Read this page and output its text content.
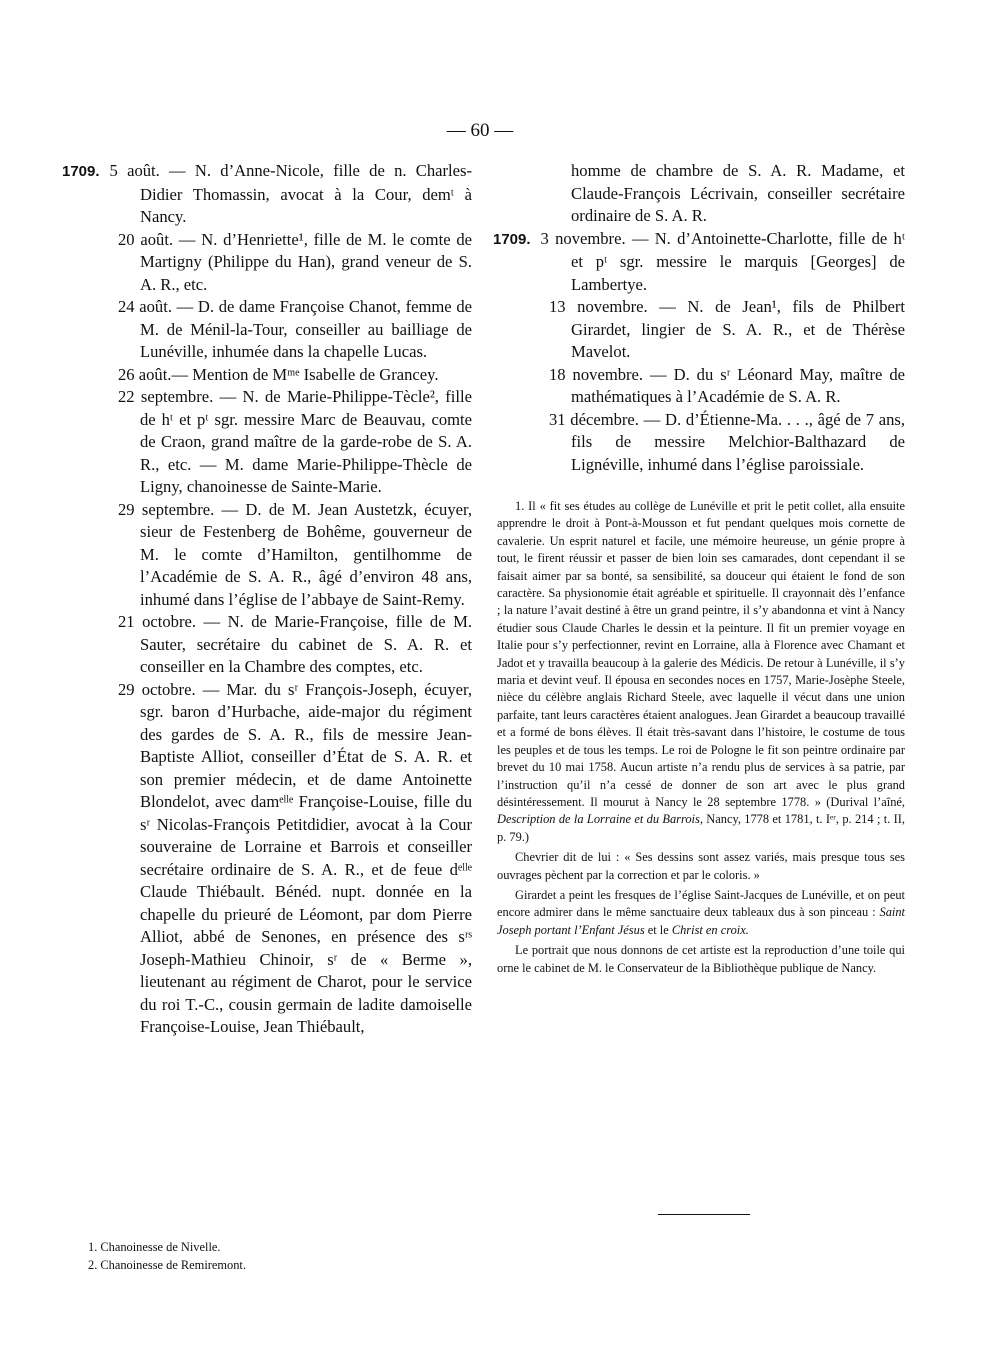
— 60 —
1709. 5 août. — N. d’Anne-Nicole, fille de n. Charles-Didier Thomassin, avocat à la Cour, demᵗ à Nancy.
20 août. — N. d’Henriette¹, fille de M. le comte de Martigny (Philippe du Han), grand veneur de S. A. R., etc.
24 août. — D. de dame Françoise Chanot, femme de M. de Ménil-la-Tour, conseiller au bailliage de Lunéville, inhumée dans la chapelle Lucas.
26 août.— Mention de Mᵐᵉ Isabelle de Grancey.
22 septembre. — N. de Marie-Philippe-Tècle², fille de hᵗ et pᵗ sgr. messire Marc de Beauvau, comte de Craon, grand maître de la garde-robe de S. A. R., etc. — M. dame Marie-Philippe-Thècle de Ligny, chanoinesse de Sainte-Marie.
29 septembre. — D. de M. Jean Austetzk, écuyer, sieur de Festenberg de Bohême, gouverneur de M. le comte d’Hamilton, gentilhomme de l’Académie de S. A. R., âgé d’environ 48 ans, inhumé dans l’église de l’abbaye de Saint-Remy.
21 octobre. — N. de Marie-Françoise, fille de M. Sauter, secrétaire du cabinet de S. A. R. et conseiller en la Chambre des comptes, etc.
29 octobre. — Mar. du sʳ François-Joseph, écuyer, sgr. baron d’Hurbache, aide-major du régiment des gardes de S. A. R., fils de messire Jean-Baptiste Alliot, conseiller d’État de S. A. R. et son premier médecin, et de dame Antoinette Blondelot, avec damᵉˡˡᵉ Françoise-Louise, fille du sʳ Nicolas-François Petitdidier, avocat à la Cour souveraine de Lorraine et Barrois et conseiller secrétaire ordinaire de S. A. R., et de feue dᵉˡˡᵉ Claude Thiébault. Bénéd. nupt. donnée en la chapelle du prieuré de Léomont, par dom Pierre Alliot, abbé de Senones, en présence des sʳˢ Joseph-Mathieu Chinoir, sʳ de « Berme », lieutenant au régiment de Charot, pour le service du roi T.-C., cousin germain de ladite damoiselle Françoise-Louise, Jean Thiébault,
homme de chambre de S. A. R. Madame, et Claude-François Lécrivain, conseiller secrétaire ordinaire de S. A. R.
1709. 3 novembre. — N. d’Antoinette-Charlotte, fille de hᵗ et pᵗ sgr. messire le marquis [Georges] de Lambertye.
13 novembre. — N. de Jean¹, fils de Philbert Girardet, lingier de S. A. R., et de Thérèse Mavelot.
18 novembre. — D. du sʳ Léonard May, maître de mathématiques à l’Académie de S. A. R.
31 décembre. — D. d’Étienne-Ma. . . ., âgé de 7 ans, fils de messire Melchior-Balthazard de Lignéville, inhumé dans l’église paroissiale.

1. Il « fit ses études au collège de Lunéville et prit le petit collet, alla ensuite apprendre le droit à Pont-à-Mousson et fut pendant quelques mois cornette de cavalerie. Un esprit naturel et facile, une mémoire heureuse, un génie propre à tout, le firent réussir et passer de bien loin ses camarades, dont cependant il se faisait aimer par sa bonté, sa sensibilité, sa douceur qui étaient le fond de son caractère. Sa physionomie était agréable et spirituelle. Il crayonnait dès l’enfance ; la nature l’avait destiné à être un grand peintre, il s’y abandonna et vint à Nancy étudier sous Claude Charles le dessin et la peinture. Il fit un premier voyage en Italie pour s’y perfectionner, revint en Lorraine, alla à Florence avec Chamant et Jadot et y travailla beaucoup à la galerie des Médicis. De retour à Lunéville, il s’y maria et devint veuf. Il épousa en secondes noces en 1757, Marie-Josèphe Steele, nièce du célèbre anglais Richard Steele, avec laquelle il vécut dans une union parfaite, tant leurs caractères étaient analogues. Jean Girardet a beaucoup travaillé et a formé de bons élèves. Il était très-savant dans l’histoire, le costume de tous les peuples et de tous les temps. Le roi de Pologne le fit son peintre ordinaire par brevet du 10 mai 1758. Aucun artiste n’a rendu plus de services à sa patrie, par l’instruction qu’il n’a cessé de donner de son art avec le plus grand désintéressement. Il mourut à Nancy le 28 septembre 1778. » (Durival l’aîné, Description de la Lorraine et du Barrois, Nancy, 1778 et 1781, t. Iᵉʳ, p. 214 ; t. II, p. 79.)

Chevrier dit de lui : « Ses dessins sont assez variés, mais presque tous ses ouvrages pèchent par la correction et par le coloris. »

Girardet a peint les fresques de l’église Saint-Jacques de Lunéville, et on peut encore admirer dans le même sanctuaire deux tableaux dus à son pinceau : Saint Joseph portant l’Enfant Jésus et le Christ en croix.

Le portrait que nous donnons de cet artiste est la reproduction d’une toile qui orne le cabinet de M. le Conservateur de la Bibliothèque publique de Nancy.

1. Chanoinesse de Nivelle.
2. Chanoinesse de Remiremont.
